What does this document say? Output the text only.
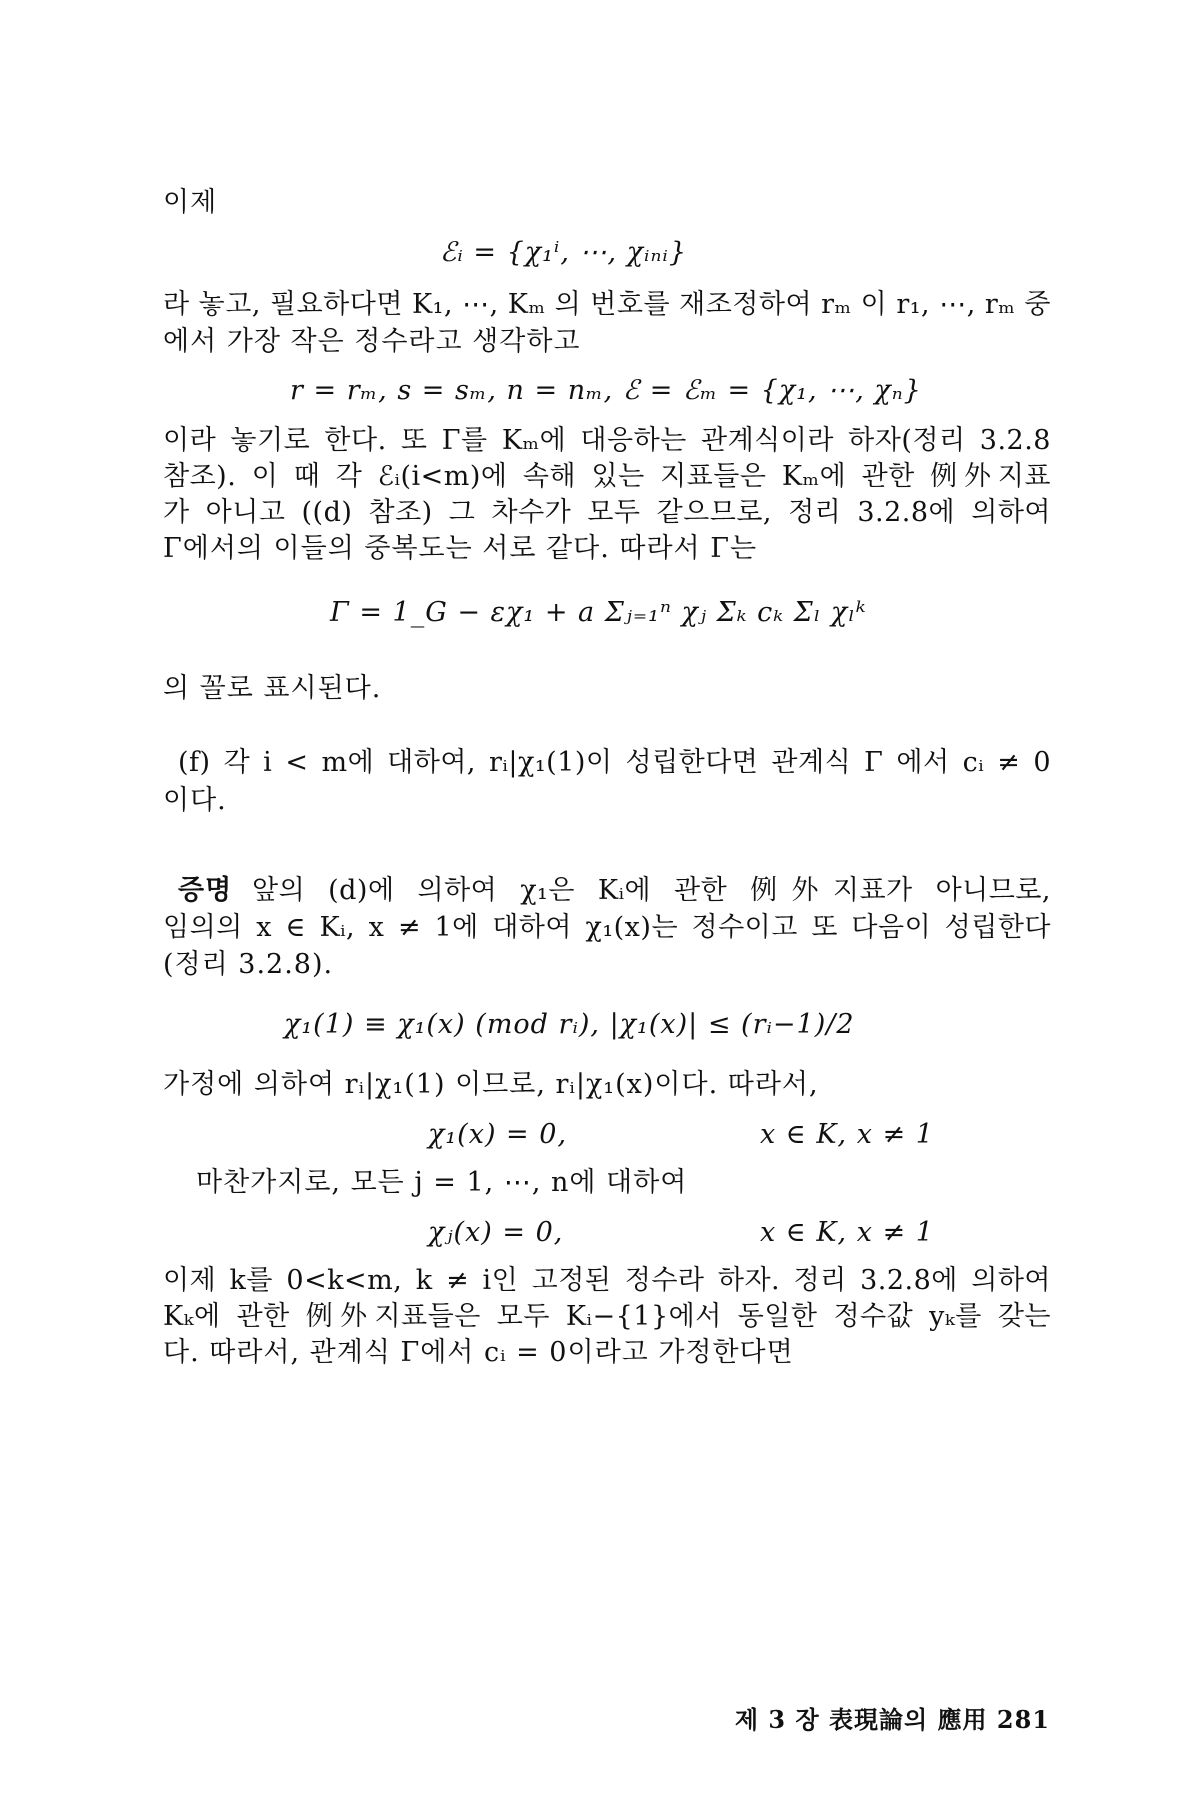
이제
ℰᵢ = {χ₁ⁱ, ⋯, χᵢₙᵢ}
라 놓고, 필요하다면 K₁, ⋯, Kₘ 의 번호를 재조정하여 rₘ 이 r₁, ⋯, rₘ 중
에서 가장 작은 정수라고 생각하고
r = rₘ, s = sₘ, n = nₘ, ℰ = ℰₘ = {χ₁, ⋯, χₙ}
이라 놓기로 한다. 또 Γ를 Kₘ에 대응하는 관계식이라 하자(정리 3.2.8
참조). 이 때 각 ℰᵢ(i<m)에 속해 있는 지표들은 Kₘ에 관한 例外지표
가 아니고 ((d) 참조) 그 차수가 모두 같으므로, 정리 3.2.8에 의하여
Γ에서의 이들의 중복도는 서로 같다. 따라서 Γ는
Γ = 1_G − εχ₁ + a Σⱼ₌₁ⁿ χⱼ Σₖ cₖ Σₗ χₗᵏ
의 꼴로 표시된다.
(f) 각 i < m에 대하여, rᵢ|χ₁(1)이 성립한다면 관계식 Γ 에서 cᵢ ≠ 0
이다.
증명 앞의 (d)에 의하여 χ₁은 Kᵢ에 관한 例外지표가 아니므로,
임의의 x ∈ Kᵢ, x ≠ 1에 대하여 χ₁(x)는 정수이고 또 다음이 성립한다
(정리 3.2.8).
χ₁(1) ≡ χ₁(x) (mod rᵢ), |χ₁(x)| ≤ (rᵢ−1)/2
가정에 의하여 rᵢ|χ₁(1) 이므로, rᵢ|χ₁(x)이다. 따라서,
χ₁(x) = 0,	x ∈ K, x ≠ 1
마찬가지로, 모든 j = 1, ⋯, n에 대하여
χⱼ(x) = 0,	x ∈ K, x ≠ 1
이제 k를 0<k<m, k ≠ i인 고정된 정수라 하자. 정리 3.2.8에 의하여
Kₖ에 관한 例外지표들은 모두 Kᵢ−{1}에서 동일한 정수값 yₖ를 갖는
다. 따라서, 관계식 Γ에서 cᵢ = 0이라고 가정한다면
제 3 장 表現論의 應用 281
